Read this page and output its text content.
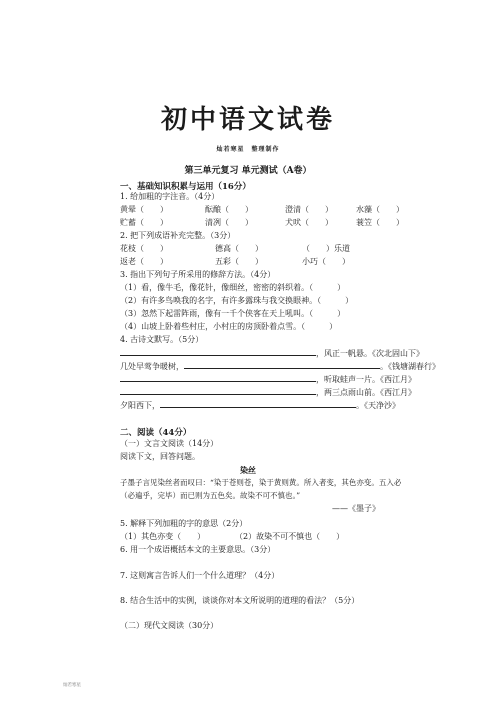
初中语文试卷
灿若寒星　整理制作
第三单元复习 单元测试（A卷）
一、基础知识积累与运用（16分）
1. 给加粗的字注音。（4分）
黄晕（　　）	酝酿（　　）	澄清（　　）	水藻（　　）
贮蓄（　　）	清冽（　　）	犬吠（　　）	蓑笠（　　）
2. 把下列成语补充完整。（3分）
花枝（　　）	德高（　　）	（　　）乐道
返老（　　）	五彩（　　）	小巧（　　）
3. 指出下列句子所采用的修辞方法。（4分）
（1）看，像牛毛，像花针，像细丝，密密的斜织着。（　　　）
（2）有许多鸟唤我的名字，有许多露珠与我交换眼神。（　　　）
（3）忽然下起雷阵雨，像有一千个侠客在天上吼叫。（　　　）
（4）山坡上卧着些村庄，小村庄的房顶卧着点雪。（　　　）
4. 古诗文默写。（5分）
，风正一帆悬。《次北固山下》
几处早莺争暖树，	。《钱塘湖春行》
，听取蛙声一片。《西江月》
，两三点雨山前。《西江月》
夕阳西下，	。《天净沙》
二、阅读（44分）
（一）文言文阅读（14分）
阅读下文，回答问题。
染丝
子墨子言见染丝者而叹曰：“染于苍则苍，染于黄则黄。所入者变，其色亦变。五入必
（必遍乎，完毕）而已则为五色矣。故染不可不慎也。”
——《墨子》
5. 解释下列加粗的字的意思（2分）
（1）其色亦变（　　）	（2）故染不可不慎也（　　）
6. 用一个成语概括本文的主要意思。（3分）
7. 这则寓言告诉人们一个什么道理？（4分）
8. 结合生活中的实例，谈谈你对本文所说明的道理的看法？（5分）
（二）现代文阅读（30分）
灿若寒星
